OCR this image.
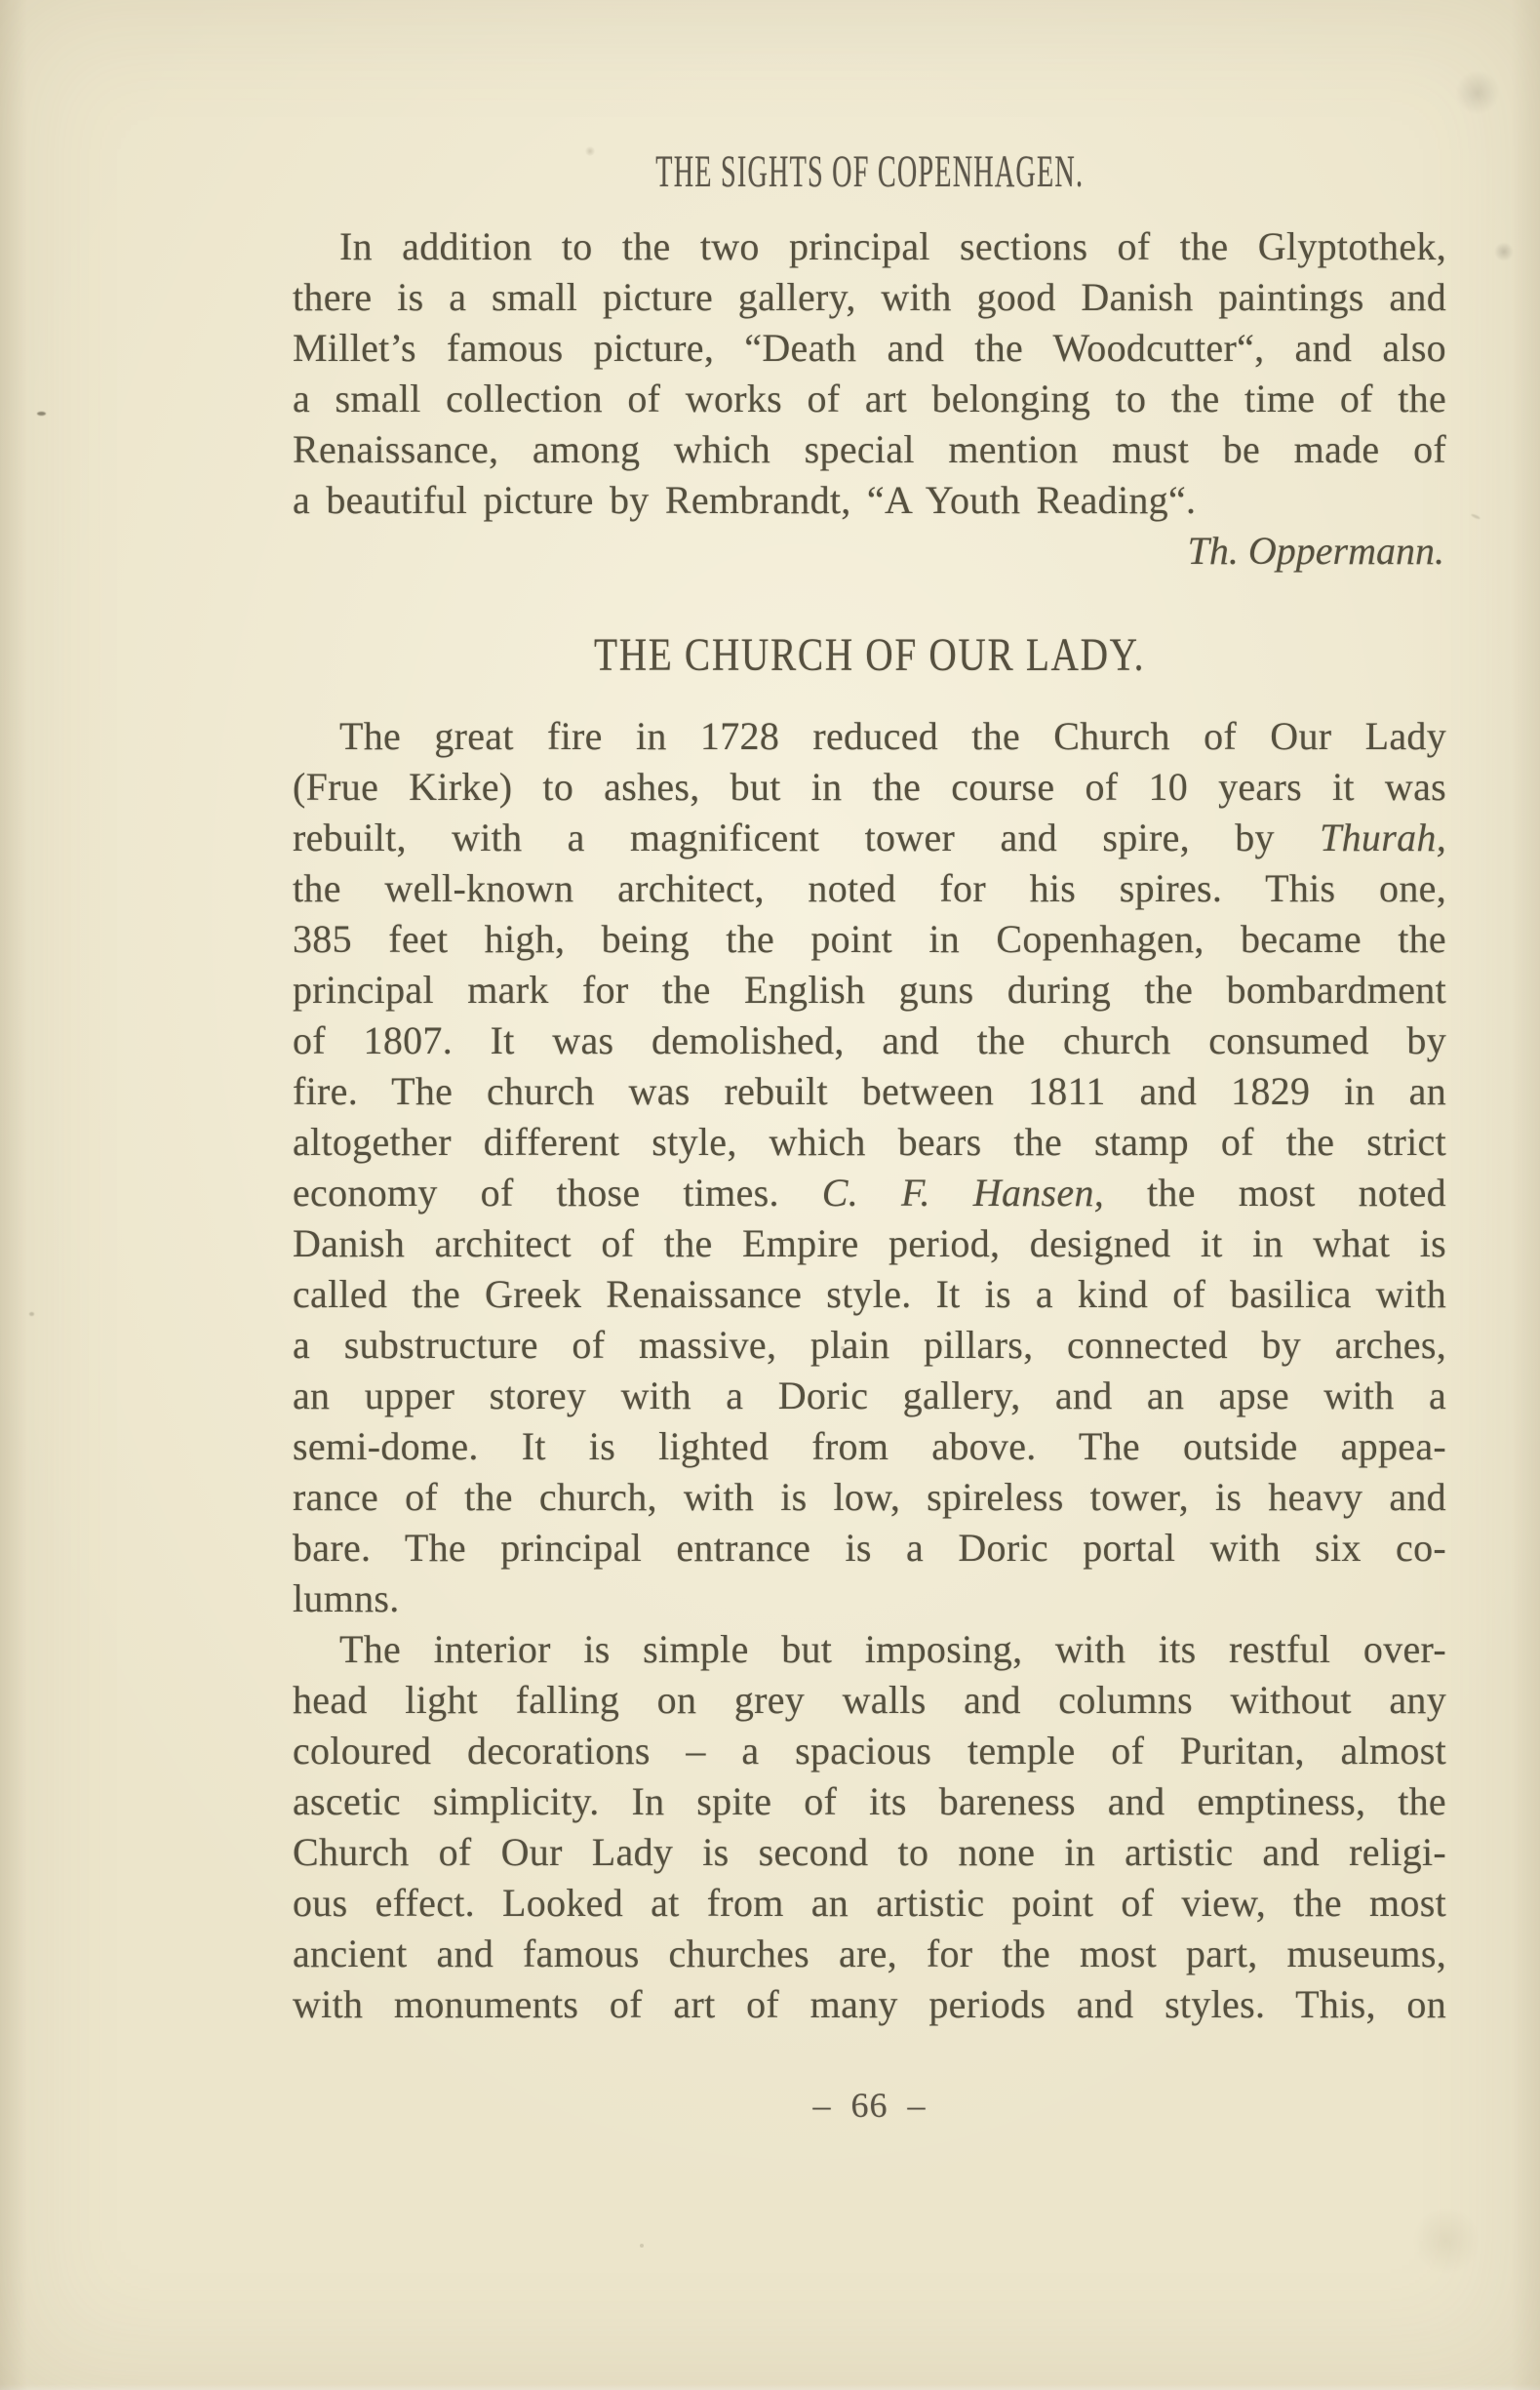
THE SIGHTS OF COPENHAGEN.
In addition to the two principal sections of the Glyptothek,
there is a small picture gallery, with good Danish paintings and
Millet’s famous picture, “Death and the Woodcutter“, and also
a small collection of works of art belonging to the time of the
Renaissance, among which special mention must be made of
a beautiful picture by Rembrandt, “A Youth Reading“.
Th. Oppermann.
THE CHURCH OF OUR LADY.
The great fire in 1728 reduced the Church of Our Lady
(Frue Kirke) to ashes, but in the course of 10 years it was
rebuilt, with a magnificent tower and spire, by Thurah,
the well-known architect, noted for his spires. This one,
385 feet high, being the point in Copenhagen, became the
principal mark for the English guns during the bombardment
of 1807. It was demolished, and the church consumed by
fire. The church was rebuilt between 1811 and 1829 in an
altogether different style, which bears the stamp of the strict
economy of those times. C. F. Hansen, the most noted
Danish architect of the Empire period, designed it in what is
called the Greek Renaissance style. It is a kind of basilica with
a substructure of massive, plain pillars, connected by arches,
an upper storey with a Doric gallery, and an apse with a
semi-dome. It is lighted from above. The outside appea-
rance of the church, with is low, spireless tower, is heavy and
bare. The principal entrance is a Doric portal with six co-
lumns.
The interior is simple but imposing, with its restful over-
head light falling on grey walls and columns without any
coloured decorations – a spacious temple of Puritan, almost
ascetic simplicity. In spite of its bareness and emptiness, the
Church of Our Lady is second to none in artistic and religi-
ous effect. Looked at from an artistic point of view, the most
ancient and famous churches are, for the most part, museums,
with monuments of art of many periods and styles. This, on
– 66 –
